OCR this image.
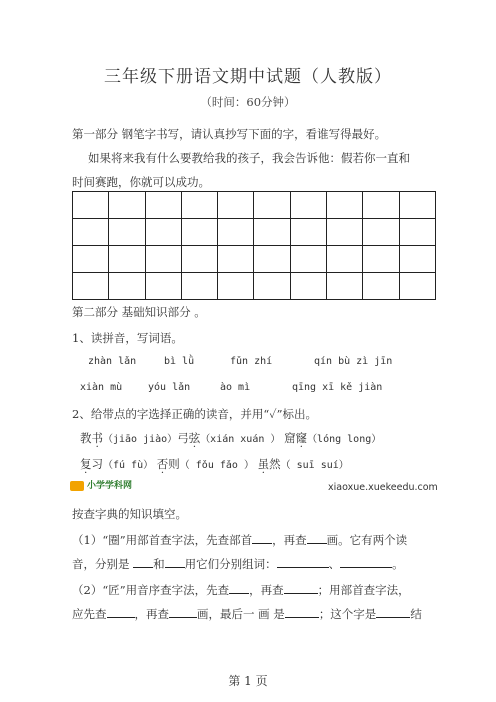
三年级下册语文期中试题（人教版）
（时间：60分钟）
第一部分 钢笔字书写，请认真抄写下面的字，看谁写得最好。
如果将来我有什么要教给我的孩子，我会告诉他：假若你一直和
时间赛跑，你就可以成功。

第二部分 基础知识部分 。
1、读拼音，写词语。
zhàn lǎn	bì lǜ	fǔn zhí	qín bù zì jīn
xiàn mù	yóu lǎn	ào mì	qīng xī kě jiàn
2、给带点的字选择正确的读音，并用“✓”标出。
教书（jiāo jiào）弓弦（xián xuán ） 窟窿（lóng long）
复习（fú fù） 否则（ fǒu fǎo ） 虽然（ suī suí）
小学学科网	xiaoxue.xuekeedu.com
按查字典的知识填空。
（1）“圈”用部首查字法，先查部首 ，再查 画。它有两个读
音，分别是 和 用它们分别组词：	、	。
（2）“匠”用音序查字法，先查 ，再查	；用部首查字法，
应先查 ，再查 画，最后一 画 是	；这个字是	结
第 1 页
